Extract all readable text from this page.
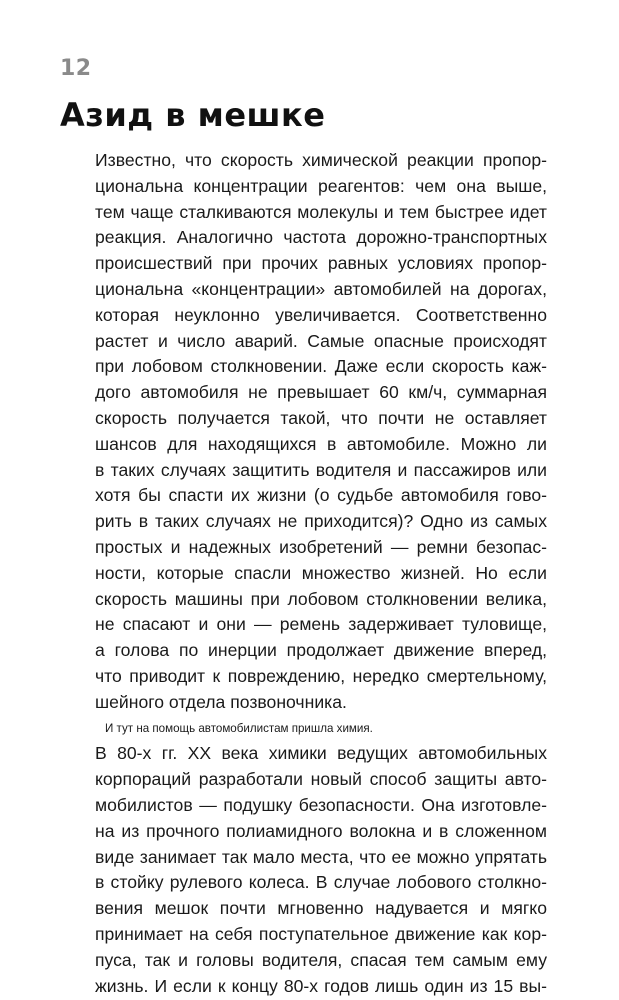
12
Азид в мешке

Известно, что скорость химической реакции пропор-
циональна концентрации реагентов: чем она выше,
тем чаще сталкиваются молекулы и тем быстрее идет
реакция. Аналогично частота дорожно-транспортных
происшествий при прочих равных условиях пропор-
циональна «концентрации» автомобилей на дорогах,
которая неуклонно увеличивается. Соответственно
растет и число аварий. Самые опасные происходят
при лобовом столкновении. Даже если скорость каж-
дого автомобиля не превышает 60 км/ч, суммарная
скорость получается такой, что почти не оставляет
шансов для находящихся в автомобиле. Можно ли
в таких случаях защитить водителя и пассажиров или
хотя бы спасти их жизни (о судьбе автомобиля гово-
рить в таких случаях не приходится)? Одно из самых
простых и надежных изобретений — ремни безопас-
ности, которые спасли множество жизней. Но если
скорость машины при лобовом столкновении велика,
не спасают и они — ремень задерживает туловище,
а голова по инерции продолжает движение вперед,
что приводит к повреждению, нередко смертельному,
шейного отдела позвоночника.

И тут на помощь автомобилистам пришла химия.
В 80-х гг. XX века химики ведущих автомобильных
корпораций разработали новый способ защиты авто-
мобилистов — подушку безопасности. Она изготовле-
на из прочного полиамидного волокна и в сложенном
виде занимает так мало места, что ее можно упрятать
в стойку рулевого колеса. В случае лобового столкно-
вения мешок почти мгновенно надувается и мягко
принимает на себя поступательное движение как кор-
пуса, так и головы водителя, спасая тем самым ему
жизнь. И если к концу 80-х годов лишь один из 15 вы-
